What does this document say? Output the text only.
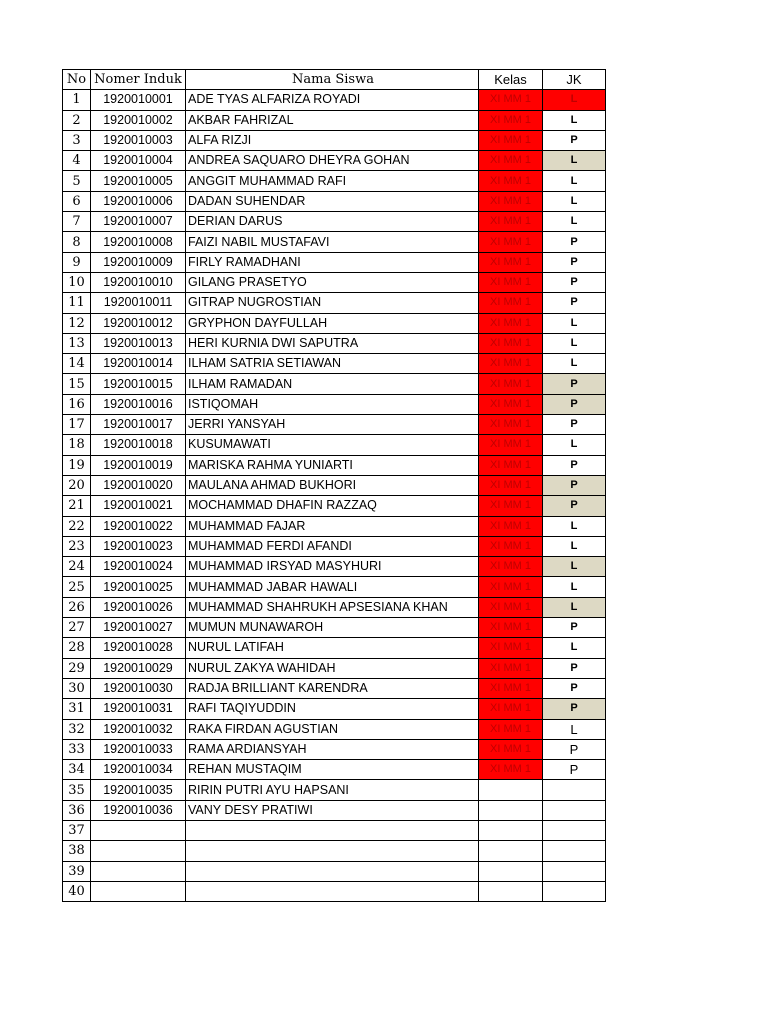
No	Nomer Induk	Nama Siswa	Kelas	JK
1	1920010001	ADE TYAS ALFARIZA ROYADI	XI MM 1	L
2	1920010002	AKBAR FAHRIZAL	XI MM 1	L
3	1920010003	ALFA RIZJI	XI MM 1	P
4	1920010004	ANDREA SAQUARO DHEYRA GOHAN	XI MM 1	L
5	1920010005	ANGGIT MUHAMMAD RAFI	XI MM 1	L
6	1920010006	DADAN SUHENDAR	XI MM 1	L
7	1920010007	DERIAN DARUS	XI MM 1	L
8	1920010008	FAIZI NABIL MUSTAFAVI	XI MM 1	P
9	1920010009	FIRLY RAMADHANI	XI MM 1	P
10	1920010010	GILANG PRASETYO	XI MM 1	P
11	1920010011	GITRAP NUGROSTIAN	XI MM 1	P
12	1920010012	GRYPHON DAYFULLAH	XI MM 1	L
13	1920010013	HERI KURNIA DWI SAPUTRA	XI MM 1	L
14	1920010014	ILHAM SATRIA SETIAWAN	XI MM 1	L
15	1920010015	ILHAM RAMADAN	XI MM 1	P
16	1920010016	ISTIQOMAH	XI MM 1	P
17	1920010017	JERRI YANSYAH	XI MM 1	P
18	1920010018	KUSUMAWATI	XI MM 1	L
19	1920010019	MARISKA RAHMA YUNIARTI	XI MM 1	P
20	1920010020	MAULANA AHMAD BUKHORI	XI MM 1	P
21	1920010021	MOCHAMMAD DHAFIN RAZZAQ	XI MM 1	P
22	1920010022	MUHAMMAD FAJAR	XI MM 1	L
23	1920010023	MUHAMMAD FERDI AFANDI	XI MM 1	L
24	1920010024	MUHAMMAD IRSYAD MASYHURI	XI MM 1	L
25	1920010025	MUHAMMAD JABAR HAWALI	XI MM 1	L
26	1920010026	MUHAMMAD SHAHRUKH APSESIANA KHAN	XI MM 1	L
27	1920010027	MUMUN MUNAWAROH	XI MM 1	P
28	1920010028	NURUL LATIFAH	XI MM 1	L
29	1920010029	NURUL ZAKYA WAHIDAH	XI MM 1	P
30	1920010030	RADJA BRILLIANT KARENDRA	XI MM 1	P
31	1920010031	RAFI TAQIYUDDIN	XI MM 1	P
32	1920010032	RAKA FIRDAN AGUSTIAN	XI MM 1	L
33	1920010033	RAMA ARDIANSYAH	XI MM 1	P
34	1920010034	REHAN MUSTAQIM	XI MM 1	P
35	1920010035	RIRIN PUTRI AYU HAPSANI		
36	1920010036	VANY DESY PRATIWI		
37				
38				
39				
40				
